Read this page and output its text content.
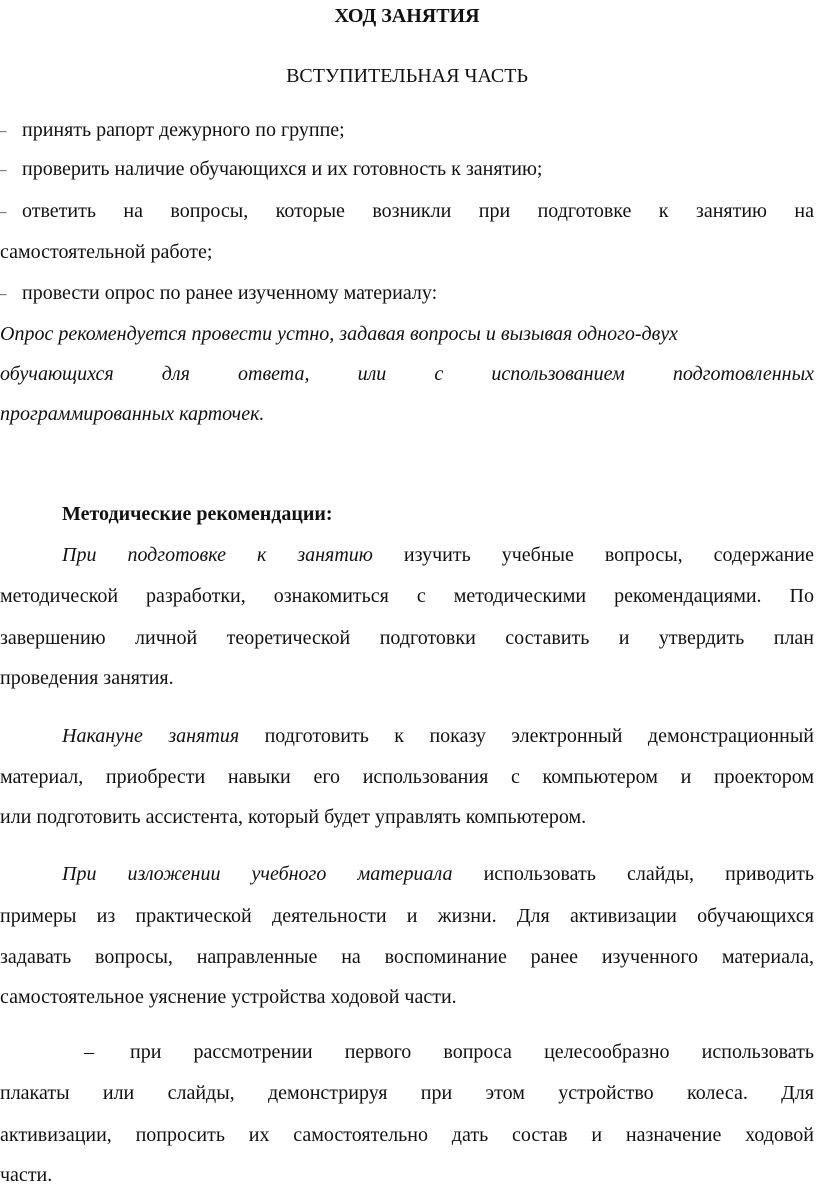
ХОД ЗАНЯТИЯ
ВСТУПИТЕЛЬНАЯ ЧАСТЬ
– принять рапорт дежурного по группе;
– проверить наличие обучающихся и их готовность к занятию;
– ответить на вопросы, которые возникли при подготовке к занятию на
самостоятельной работе;
– провести опрос по ранее изученному материалу:
Опрос рекомендуется провести устно, задавая вопросы и вызывая одного-двух
обучающихся для ответа, или с использованием подготовленных
программированных карточек.
Методические рекомендации:
При подготовке к занятию изучить учебные вопросы, содержание
методической разработки, ознакомиться с методическими рекомендациями. По
завершению личной теоретической подготовки составить и утвердить план
проведения занятия.
Накануне занятия подготовить к показу электронный демонстрационный
материал, приобрести навыки его использования с компьютером и проектором
или подготовить ассистента, который будет управлять компьютером.
При изложении учебного материала использовать слайды, приводить
примеры из практической деятельности и жизни. Для активизации обучающихся
задавать вопросы, направленные на воспоминание ранее изученного материала,
самостоятельное уяснение устройства ходовой части.
– при рассмотрении первого вопроса целесообразно использовать
плакаты или слайды, демонстрируя при этом устройство колеса. Для
активизации, попросить их самостоятельно дать состав и назначение ходовой
части.
